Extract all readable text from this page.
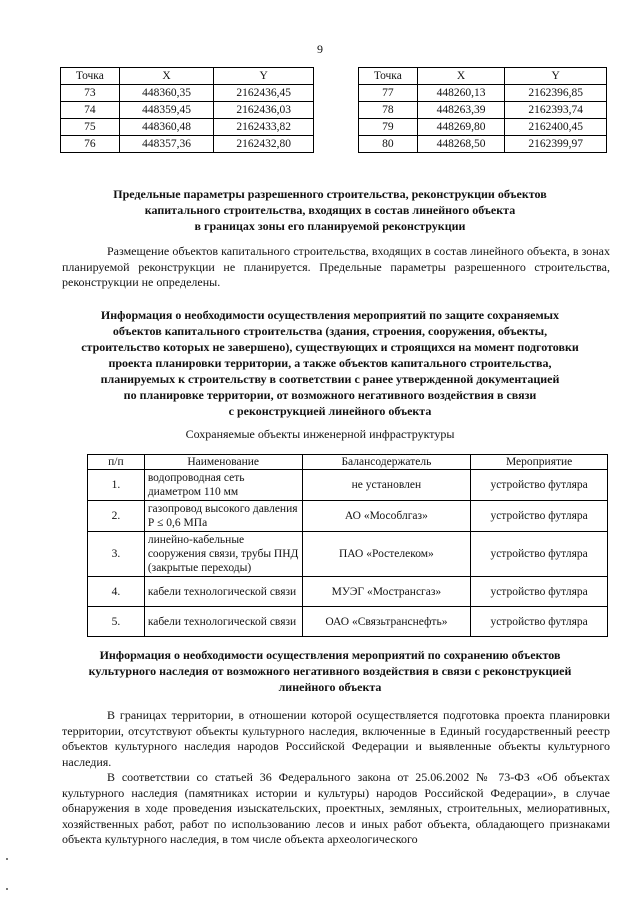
9
Точка	X	Y
73	448360,35	2162436,45
74	448359,45	2162436,03
75	448360,48	2162433,82
76	448357,36	2162432,80
Точка	X	Y
77	448260,13	2162396,85
78	448263,39	2162393,74
79	448269,80	2162400,45
80	448268,50	2162399,97
Предельные параметры разрешенного строительства, реконструкции объектов
капитального строительства, входящих в состав линейного объекта
в границах зоны его планируемой реконструкции

Размещение объектов капитального строительства, входящих в состав линейного объекта, в зонах планируемой реконструкции не планируется. Предельные параметры разрешенного строительства, реконструкции не определены.

Информация о необходимости осуществления мероприятий по защите сохраняемых
объектов капитального строительства (здания, строения, сооружения, объекты,
строительство которых не завершено), существующих и строящихся на момент подготовки
проекта планировки территории, а также объектов капитального строительства,
планируемых к строительству в соответствии с ранее утвержденной документацией
по планировке территории, от возможного негативного воздействия в связи
с реконструкцией линейного объекта
Сохраняемые объекты инженерной инфраструктуры
п/п	Наименование	Балансодержатель	Мероприятие
1.	водопроводная сеть диаметром 110 мм	не установлен	устройство футляра
2.	газопровод высокого давления Р ≤ 0,6 МПа	АО «Мособлгаз»	устройство футляра
3.	линейно-кабельные сооружения связи, трубы ПНД (закрытые переходы)	ПАО «Ростелеком»	устройство футляра
4.	кабели технологической связи	МУЭГ «Мострансгаз»	устройство футляра
5.	кабели технологической связи	ОАО «Связьтранснефть»	устройство футляра
Информация о необходимости осуществления мероприятий по сохранению объектов
культурного наследия от возможного негативного воздействия в связи с реконструкцией
линейного объекта

В границах территории, в отношении которой осуществляется подготовка проекта планировки территории, отсутствуют объекты культурного наследия, включенные в Единый государственный реестр объектов культурного наследия народов Российской Федерации и выявленные объекты культурного наследия.

В соответствии со статьей 36 Федерального закона от 25.06.2002 № 73-ФЗ «Об объектах культурного наследия (памятниках истории и культуры) народов Российской Федерации», в случае обнаружения в ходе проведения изыскательских, проектных, земляных, строительных, мелиоративных, хозяйственных работ, работ по использованию лесов и иных работ объекта, обладающего признаками объекта культурного наследия, в том числе объекта археологического
